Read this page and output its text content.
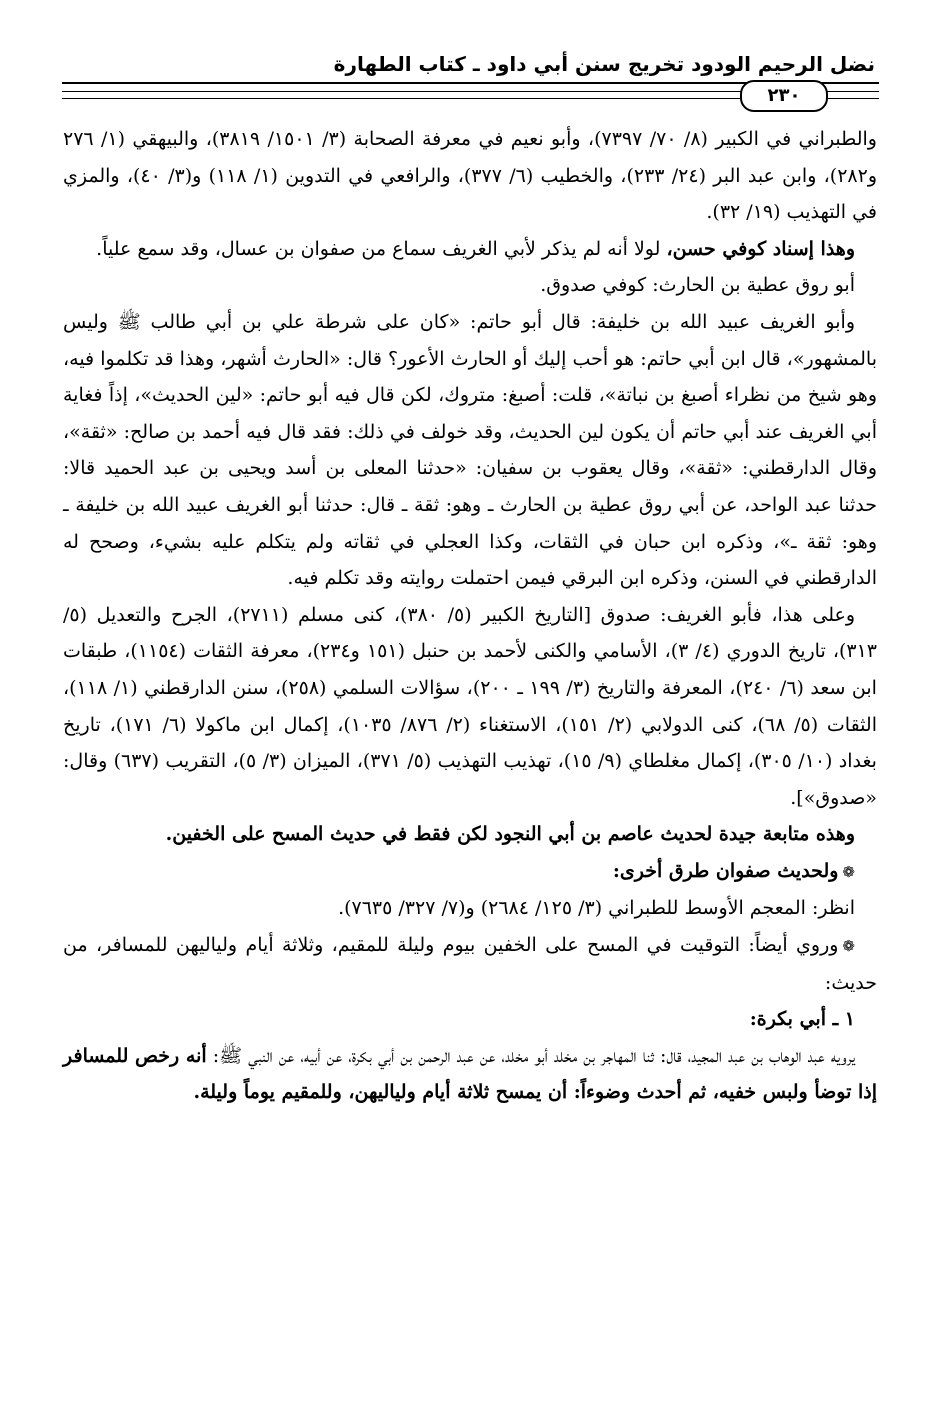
نضل الرحيم الودود تخريج سنن أبي داود ـ كتاب الطهارة
٢٣٠

والطبراني في الكبير (٨/ ٧٠/ ٧٣٩٧)، وأبو نعيم في معرفة الصحابة (٣/ ١٥٠١/ ٣٨١٩)، والبيهقي (١/ ٢٧٦ و٢٨٢)، وابن عبد البر (٢٤/ ٢٣٣)، والخطيب (٦/ ٣٧٧)، والرافعي في التدوين (١/ ١١٨) و(٣/ ٤٠)، والمزي في التهذيب (١٩/ ٣٢).

وهذا إسناد كوفي حسن، لولا أنه لم يذكر لأبي الغريف سماع من صفوان بن عسال، وقد سمع علياً.

أبو روق عطية بن الحارث: كوفي صدوق.

وأبو الغريف عبيد الله بن خليفة: قال أبو حاتم: «كان على شرطة علي بن أبي طالب ﷺ وليس بالمشهور»، قال ابن أبي حاتم: هو أحب إليك أو الحارث الأعور؟ قال: «الحارث أشهر، وهذا قد تكلموا فيه، وهو شيخ من نظراء أصبغ بن نباتة»، قلت: أصبغ: متروك، لكن قال فيه أبو حاتم: «لين الحديث»، إذاً فغاية أبي الغريف عند أبي حاتم أن يكون لين الحديث، وقد خولف في ذلك: فقد قال فيه أحمد بن صالح: «ثقة»، وقال الدارقطني: «ثقة»، وقال يعقوب بن سفيان: «حدثنا المعلى بن أسد ويحيى بن عبد الحميد قالا: حدثنا عبد الواحد، عن أبي روق عطية بن الحارث ـ وهو: ثقة ـ قال: حدثنا أبو الغريف عبيد الله بن خليفة ـ وهو: ثقة ـ»، وذكره ابن حبان في الثقات، وكذا العجلي في ثقاته ولم يتكلم عليه بشيء، وصحح له الدارقطني في السنن، وذكره ابن البرقي فيمن احتملت روايته وقد تكلم فيه.

وعلى هذا، فأبو الغريف: صدوق [التاريخ الكبير (٥/ ٣٨٠)، كنى مسلم (٢٧١١)، الجرح والتعديل (٥/ ٣١٣)، تاريخ الدوري (٤/ ٣)، الأسامي والكنى لأحمد بن حنبل (١٥١ و٢٣٤)، معرفة الثقات (١١٥٤)، طبقات ابن سعد (٦/ ٢٤٠)، المعرفة والتاريخ (٣/ ١٩٩ ـ ٢٠٠)، سؤالات السلمي (٢٥٨)، سنن الدارقطني (١/ ١١٨)، الثقات (٥/ ٦٨)، كنى الدولابي (٢/ ١٥١)، الاستغناء (٢/ ٨٧٦/ ١٠٣٥)، إكمال ابن ماكولا (٦/ ١٧١)، تاريخ بغداد (١٠/ ٣٠٥)، إكمال مغلطاي (٩/ ١٥)، تهذيب التهذيب (٥/ ٣٧١)، الميزان (٣/ ٥)، التقريب (٦٣٧) وقال: «صدوق»].

وهذه متابعة جيدة لحديث عاصم بن أبي النجود لكن فقط في حديث المسح على الخفين.

❁ولحديث صفوان طرق أخرى:

انظر: المعجم الأوسط للطبراني (٣/ ١٢٥/ ٢٦٨٤) و(٧/ ٣٢٧/ ٧٦٣٥).

❁وروي أيضاً: التوقيت في المسح على الخفين بيوم وليلة للمقيم، وثلاثة أيام ولياليهن للمسافر، من حديث:

١ ـ أبي بكرة:

يرويه عبد الوهاب بن عبد المجيد، قال: ثنا المهاجر بن مخلد أبو مخلد، عن عبد الرحمن بن أبي بكرة، عن أبيه، عن النبي ﷺ: أنه رخص للمسافر إذا توضأ ولبس خفيه، ثم أحدث وضوءاً: أن يمسح ثلاثة أيام ولياليهن، وللمقيم يوماً وليلة.
